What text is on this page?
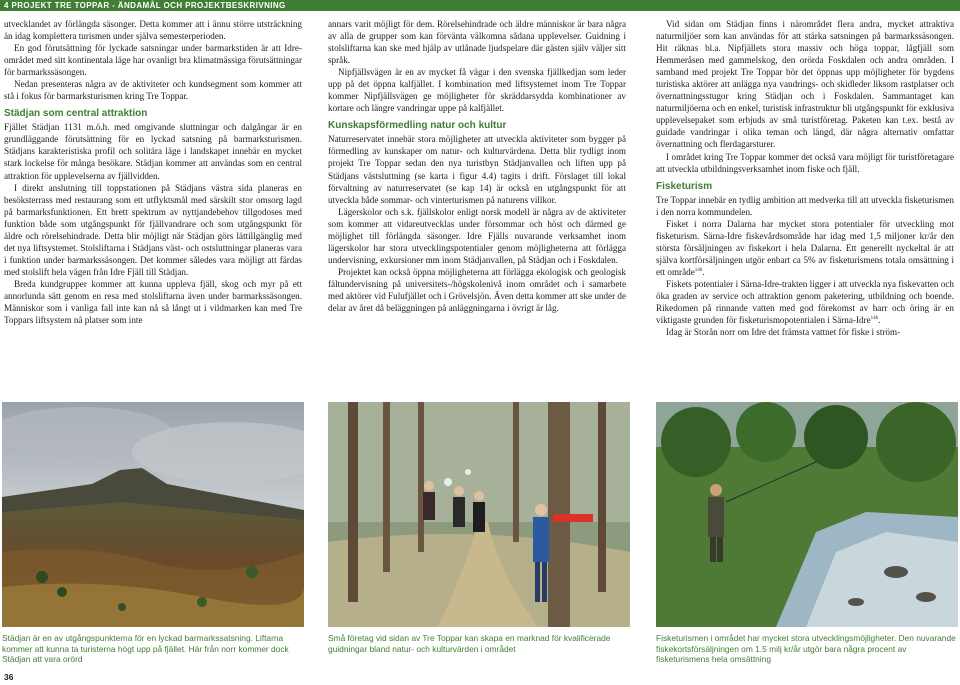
4 PROJEKT TRE TOPPAR - ÄNDAMÅL OCH PROJEKTBESKRIVNING

utvecklandet av förlängda säsonger. Detta kommer att i ännu större utsträckning än idag komplettera turismen under själva semesterperioden.

En god förutsättning för lyckade satsningar under barmarkstiden är att Idre-området med sitt kontinentala läge har ovanligt bra klimatmässiga förutsättningar för barmarkssäsongen.

Nedan presenteras några av de aktiviteter och kundsegment som kommer att stå i fokus för barmarksturismen kring Tre Toppar.

Städjan som central attraktion

Fjället Städjan 1131 m.ö.h. med omgivande sluttningar och dalgångar är en grundläggande förutsättning för en lyckad satsning på barmarksturismen. Städjans karakteristiska profil och solitära läge i landskapet innebär en mycket stark lockelse för många besökare. Städjan kommer att användas som en central attraktion för upplevelserna av fjällvidden.

I direkt anslutning till toppstationen på Städjans västra sida planeras en besöksterrass med restaurang som ett utflyktsmål med särskilt stor omsorg lagd på barmarksfunktionen. Ett brett spektrum av nyttjandebehov tillgodoses med funktion både som utgångspunkt för fjällvandrare och som utgångspunkt för äldre och rörelsehindrade. Detta blir möjligt när Städjan görs lättillgänglig med det nya liftsystemet. Stolsliftarna i Städjans väst- och ostsluttningar planeras vara i funktion under barmarkssäsongen. Det kommer således vara möjligt att färdas med stolslift hela vägen från Idre Fjäll till Städjan.

Breda kundgrupper kommer att kunna uppleva fjäll, skog och myr på ett annorlunda sätt genom en resa med stolsliftarna även under barmarkssäsongen. Människor som i vanliga fall inte kan nå så långt ut i vildmarken kan med Tre Toppars liftsystem nå platser som inte

annars varit möjligt för dem. Rörelsehindrade och äldre människor är bara några av alla de grupper som kan förvänta välkomna sådana upplevelser. Guidning i stolsliftarna kan ske med hjälp av utlånade ljudspelare där gästen själv väljer sitt språk.

Nipfjällsvägen är en av mycket få vägar i den svenska fjällkedjan som leder upp på det öppna kalfjället. I kombination med liftsystemet inom Tre Toppar kommer Nipfjällsvägen ge möjligheter för skräddarsydda kombinationer av kortare och längre vandringar uppe på kalfjället.

Kunskapsförmedling natur och kultur

Naturreservatet innebär stora möjligheter att utveckla aktiviteter som bygger på förmedling av kunskaper om natur- och kulturvärdena. Detta blir tydligt inom projekt Tre Toppar sedan den nya turistbyn Städjanvallen och liften upp på Städjans västsluttning (se karta i figur 4.4) tagits i drift. Förslaget till lokal förvaltning av naturreservatet (se kap 14) är också en utgångspunkt för att utveckla både sommar- och vinterturismen på naturens villkor.

Lägerskolor och s.k. fjällskolor enligt norsk modell är några av de aktiviteter som kommer att vidareutvecklas under försommar och höst och därmed ge möjlighet till förlängda säsonger. Idre Fjälls nuvarande verksamhet inom lägerskolor har stora utvecklingspotentialer genom möjligheterna att förlägga undervisning, exkursioner mm inom Städjanvallen, på Städjan och i Foskdalen.

Projektet kan också öppna möjligheterna att förlägga ekologisk och geologisk fältundervisning på universitets-/högskolenivå inom området och i samarbete med aktörer vid Fulufjället och i Grövelsjön. Även detta kommer att ske under de delar av året då beläggningen på anläggningarna i övrigt är låg.

Vid sidan om Städjan finns i närområdet flera andra, mycket attraktiva naturmiljöer som kan användas för att stärka satsningen på barmarkssäsongen. Hit räknas bl.a. Nipfjällets stora massiv och höga toppar, lågfjäll som Hemmeråsen med gammelskog, den orörda Foskdalen och andra områden. I samband med projekt Tre Toppar bör det öppnas upp möjligheter för bygdens turistiska aktörer att anlägga nya vandrings- och skidleder liksom rastplatser och övernattningsstugor kring Städjan och i Foskdalen. Sammantaget kan naturmiljöerna och en enkel, turistisk infrastruktur bli utgångspunkt för exklusiva upplevelsepaket som erbjuds av små turistföretag. Paketen kan t.ex. bestå av guidade vandringar i olika teman och längd, där några alternativ omfattar övernattning och flerdagarsturer.

I området kring Tre Toppar kommer det också vara möjligt för turistföretagare att utveckla utbildningsverksamhet inom fiske och fjäll.

Fisketurism

Tre Toppar innebär en tydlig ambition att medverka till att utveckla fisketurismen i den norra kommundelen.

Fisket i norra Dalarna har mycket stora potentialer för utveckling mot fisketurism. Särna-Idre fiskevårdsområde har idag med 1,5 miljoner kr/år den största försäljningen av fiskekort i hela Dalarna. Ett generellt nyckeltal är att själva kortförsäljningen utgör enbart ca 5% av fisketurismens totala omsättning i ett område$^{14b}$.

Fiskets potentialer i Särna-Idre-trakten ligger i att utveckla nya fiskevatten och öka graden av service och attraktion genom paketering, utbildning och boende. Rikedomen på rinnande vatten med god förekomst av harr och öring är en viktigaste grunden för fisketurismopotentialen i Särna-Idre$^{14b}$.

Idag är Storån norr om Idre det främsta vattnet för fiske i ström-

Städjan är en av utgångspunkterna för en lyckad barmarkssatsning. Liftarna kommer att kunna ta turisterna högt upp på fjället. Här från norr kommer dock Städjan att vara orörd
Små företag vid sidan av Tre Toppar kan skapa en marknad för kvalificerade guidningar bland natur- och kulturvärden i området
Fisketurismen i området har mycket stora utvecklingsmöjligheter. Den nuvarande fiskekortsförsäljningen om 1.5 milj kr/år utgör bara några procent av fisketurismens hela omsättning
36
